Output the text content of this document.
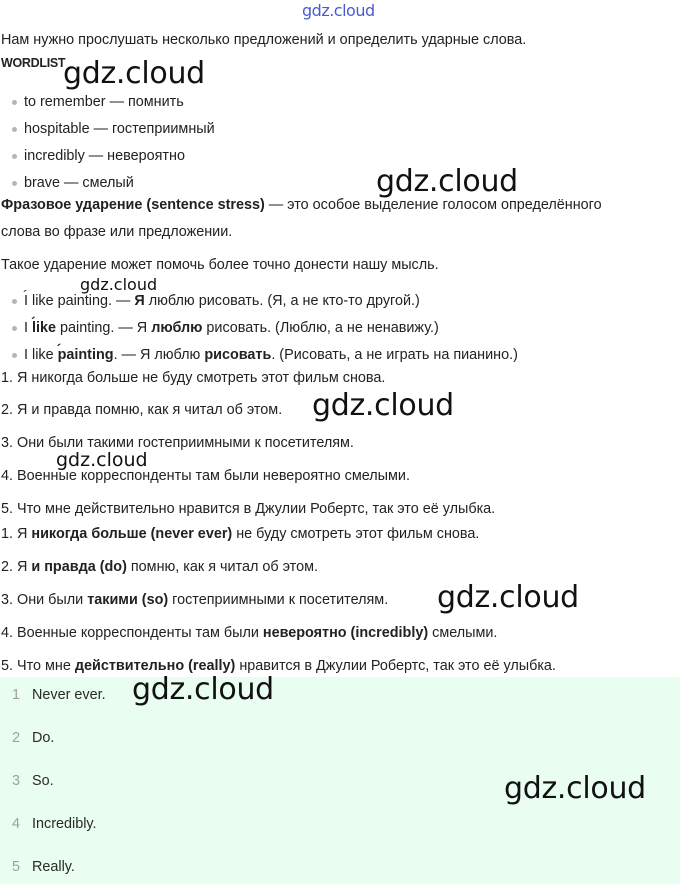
gdz.cloud
Нам нужно прослушать несколько предложений и определить ударные слова.
WORDLIST
to remember — помнить
hospitable — гостеприимный
incredibly — невероятно
brave — смелый
Фразовое ударение (sentence stress) — это особое выделение голосом определённого
слова во фразе или предложении.
Такое ударение может помочь более точно донести нашу мысль.
´ I like painting. — Я люблю рисовать. (Я, а не кто-то другой.)
I ´ like painting. — Я люблю рисовать. (Люблю, а не ненавижу.)
I like ´ painting. — Я люблю рисовать. (Рисовать, а не играть на пианино.)
1. Я никогда больше не буду смотреть этот фильм снова.
2. Я и правда помню, как я читал об этом.
3. Они были такими гостеприимными к посетителям.
4. Военные корреспонденты там были невероятно смелыми.
5. Что мне действительно нравится в Джулии Робертс, так это её улыбка.
1. Я никогда больше (never ever) не буду смотреть этот фильм снова.
2. Я и правда (do) помню, как я читал об этом.
3. Они были такими (so) гостеприимными к посетителям.
4. Военные корреспонденты там были невероятно (incredibly) смелыми.
5. Что мне действительно (really) нравится в Джулии Робертс, так это её улыбка.
1 Never ever.
2 Do.
3 So.
4 Incredibly.
5 Really.
gdz.cloud
gdz.cloud
gdz.cloud
gdz.cloud
gdz.cloud
gdz.cloud
gdz.cloud
gdz.cloud
